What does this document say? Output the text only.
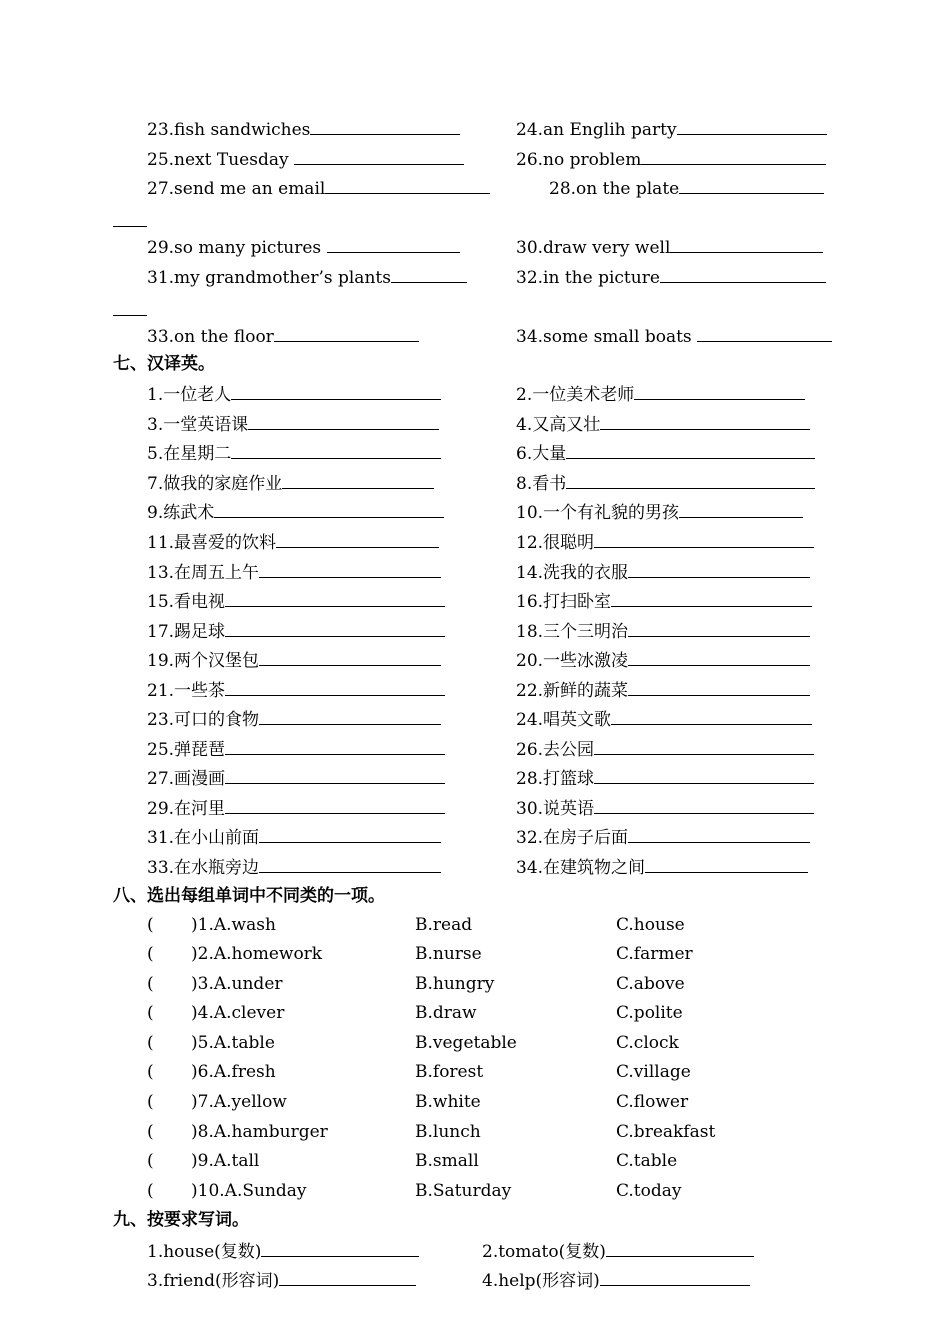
23.fish sandwiches	24.an Englih party
25.next Tuesday	26.no problem
27.send me an email	28.on the plate
29.so many pictures	30.draw very well
31.my grandmother’s plants	32.in the picture
33.on the floor	34.some small boats
七、汉译英。
1.一位老人	2.一位美术老师
3.一堂英语课	4.又高又壮
5.在星期二	6.大量
7.做我的家庭作业	8.看书
9.练武术	10.一个有礼貌的男孩
11.最喜爱的饮料	12.很聪明
13.在周五上午	14.洗我的衣服
15.看电视	16.打扫卧室
17.踢足球	18.三个三明治
19.两个汉堡包	20.一些冰激凌
21.一些茶	22.新鲜的蔬菜
23.可口的食物	24.唱英文歌
25.弹琵琶	26.去公园
27.画漫画	28.打篮球
29.在河里	30.说英语
31.在小山前面	32.在房子后面
33.在水瓶旁边	34.在建筑物之间
八、选出每组单词中不同类的一项。
( )1.A.wash	B.read	C.house
( )2.A.homework	B.nurse	C.farmer
( )3.A.under	B.hungry	C.above
( )4.A.clever	B.draw	C.polite
( )5.A.table	B.vegetable	C.clock
( )6.A.fresh	B.forest	C.village
( )7.A.yellow	B.white	C.flower
( )8.A.hamburger	B.lunch	C.breakfast
( )9.A.tall	B.small	C.table
( )10.A.Sunday	B.Saturday	C.today
九、按要求写词。
1.house(复数)	2.tomato(复数)
3.friend(形容词)	4.help(形容词)
